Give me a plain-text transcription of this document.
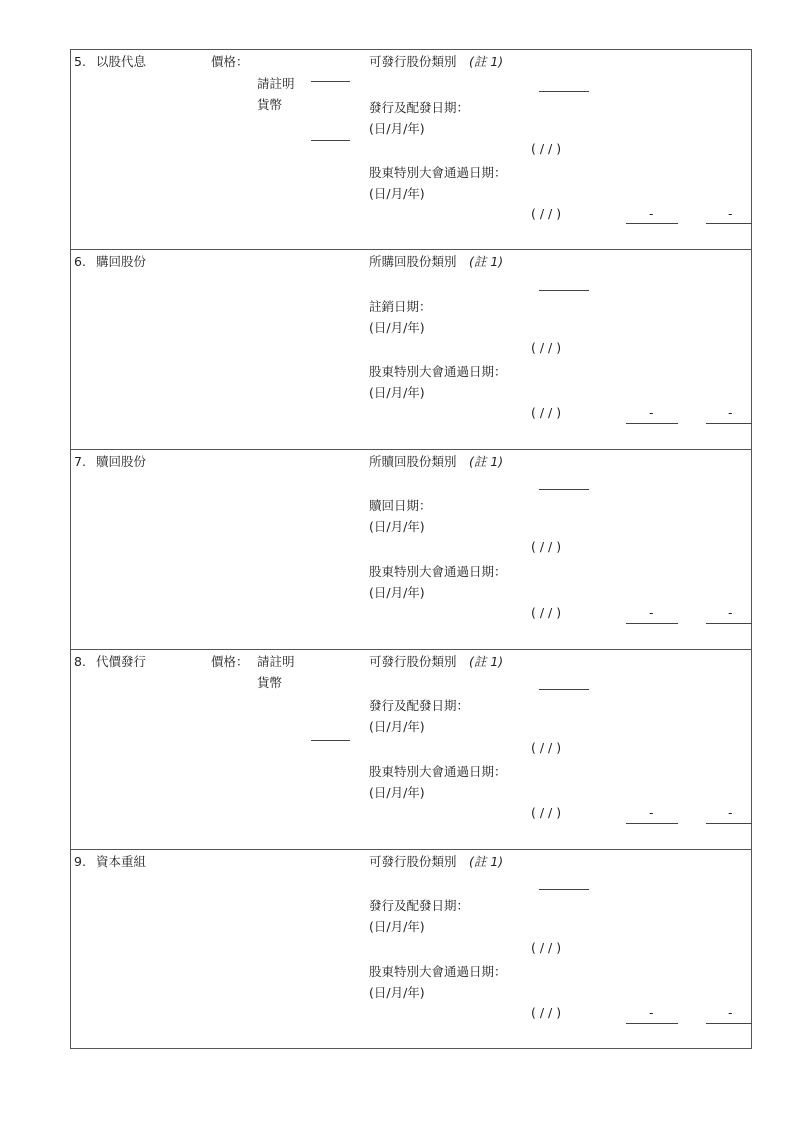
5. 以股代息	價格：
請註明
貨幣
可發行股份類別 (註 1)
發行及配發日期：
(日/月/年)
( / / )
股東特別大會通過日期：
(日/月/年)
( / / )	-	-
6. 購回股份	所購回股份類別 (註 1)
註銷日期：
(日/月/年)
( / / )
股東特別大會通過日期：
(日/月/年)
( / / )	-	-
7. 贖回股份	所贖回股份類別 (註 1)
贖回日期：
(日/月/年)
( / / )
股東特別大會通過日期：
(日/月/年)
( / / )	-	-
8. 代價發行	價格： 請註明
貨幣
可發行股份類別 (註 1)
發行及配發日期：
(日/月/年)
( / / )
股東特別大會通過日期：
(日/月/年)
( / / )	-	-
9. 資本重組	可發行股份類別 (註 1)
發行及配發日期：
(日/月/年)
( / / )
股東特別大會通過日期：
(日/月/年)
( / / )	-	-
